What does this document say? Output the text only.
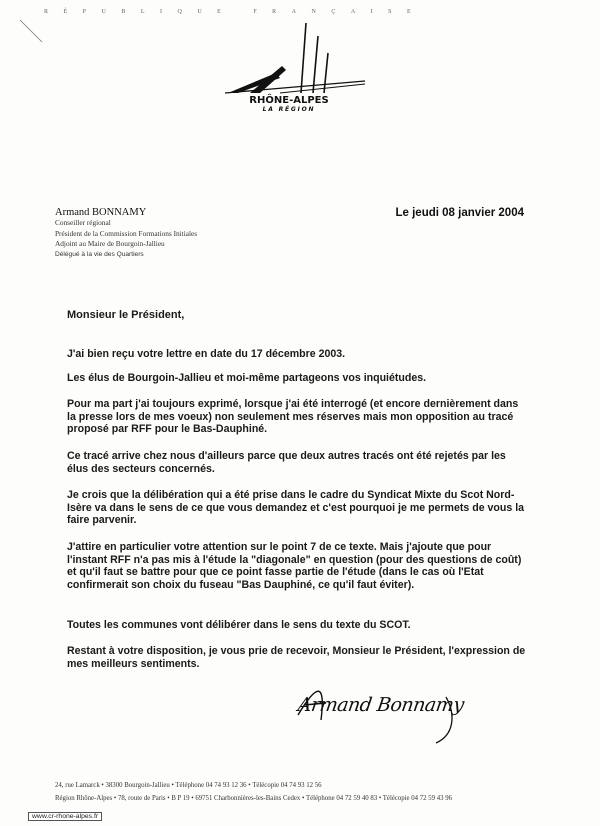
RÉPUBLIQUE FRANÇAISE
RHÔNE-ALPES
LA RÉGION
Armand BONNAMY
Conseiller régional
Président de la Commission Formations Initiales
Adjoint au Maire de Bourgoin-Jallieu
Délégué à la vie des Quartiers
Le jeudi 08 janvier 2004
Monsieur le Président,
J'ai bien reçu votre lettre en date du 17 décembre 2003.
Les élus de Bourgoin-Jallieu et moi-même partageons vos inquiétudes.
Pour ma part j'ai toujours exprimé, lorsque j'ai été interrogé (et encore dernièrement dans la presse lors de mes voeux) non seulement mes réserves mais mon opposition au tracé proposé par RFF pour le Bas-Dauphiné.
Ce tracé arrive chez nous d'ailleurs parce que deux autres tracés ont été rejetés par les élus des secteurs concernés.
Je crois que la délibération qui a été prise dans le cadre du Syndicat Mixte du Scot Nord-Isère va dans le sens de ce que vous demandez et c'est pourquoi je me permets de vous la faire parvenir.
J'attire en particulier votre attention sur le point 7 de ce texte. Mais j'ajoute que pour l'instant RFF n'a pas mis à l'étude la "diagonale" en question (pour des questions de coût) et qu'il faut se battre pour que ce point fasse partie de l'étude (dans le cas où l'Etat confirmerait son choix du fuseau "Bas Dauphiné, ce qu'il faut éviter).
Toutes les communes vont délibérer dans le sens du texte du SCOT.
Restant à votre disposition, je vous prie de recevoir, Monsieur le Président, l'expression de mes meilleurs sentiments.
Armand Bonnamy
24, rue Lamarck • 38300 Bourgoin-Jallieu • Téléphone 04 74 93 12 36 • Télécopie 04 74 93 12 56
Région Rhône-Alpes • 78, route de Paris • B P 19 • 69751 Charbonnières-les-Bains Cedex • Téléphone 04 72 59 40 83 • Télécopie 04 72 59 43 96
www.cr-rhone-alpes.fr
